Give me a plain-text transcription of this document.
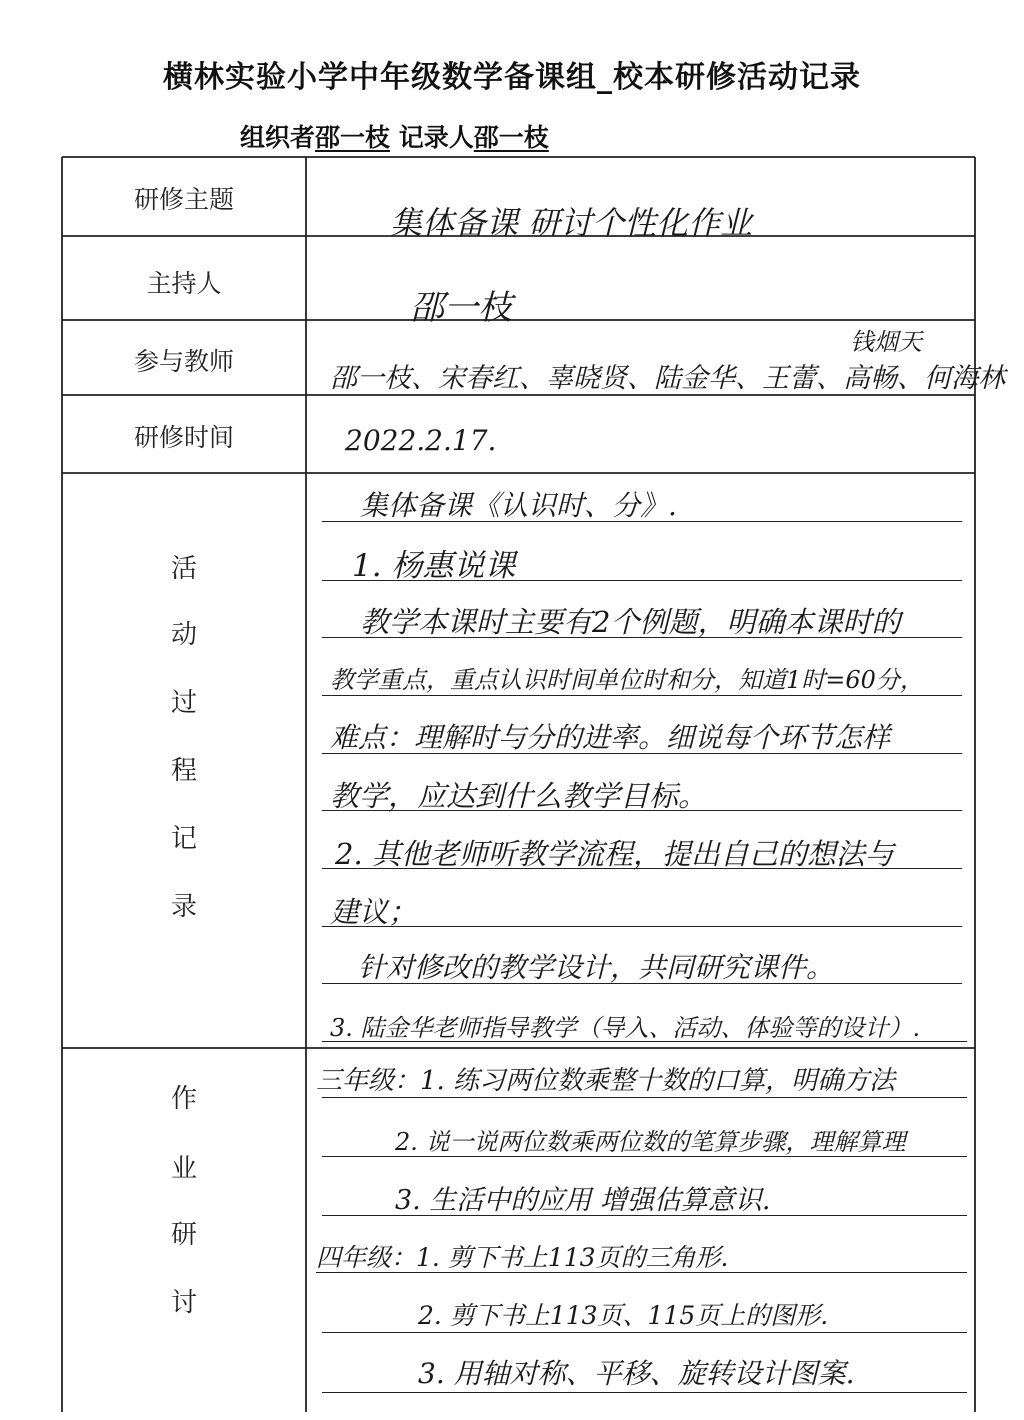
横林实验小学中年级数学备课组_校本研修活动记录
组织者邵一枝 记录人邵一枝
研修主题
主持人
参与教师
研修时间
集体备课 研讨个性化作业
邵一枝
钱烟天
邵一枝、宋春红、辜晓贤、陆金华、王蕾、高畅、何海林
2022.2.17.
活
动
过
程
记
录
集体备课《认识时、分》.
1. 杨惠说课
教学本课时主要有2个例题，明确本课时的
教学重点，重点认识时间单位时和分，知道1时=60分，
难点：理解时与分的进率。细说每个环节怎样
教学，应达到什么教学目标。
2. 其他老师听教学流程，提出自己的想法与
建议；
针对修改的教学设计，共同研究课件。
3. 陆金华老师指导教学（导入、活动、体验等的设计）.
作
业
研
讨
三年级：1. 练习两位数乘整十数的口算，明确方法
2. 说一说两位数乘两位数的笔算步骤，理解算理
3. 生活中的应用 增强估算意识.
四年级：1. 剪下书上113页的三角形.
2. 剪下书上113页、115页上的图形.
3. 用轴对称、平移、旋转设计图案.
